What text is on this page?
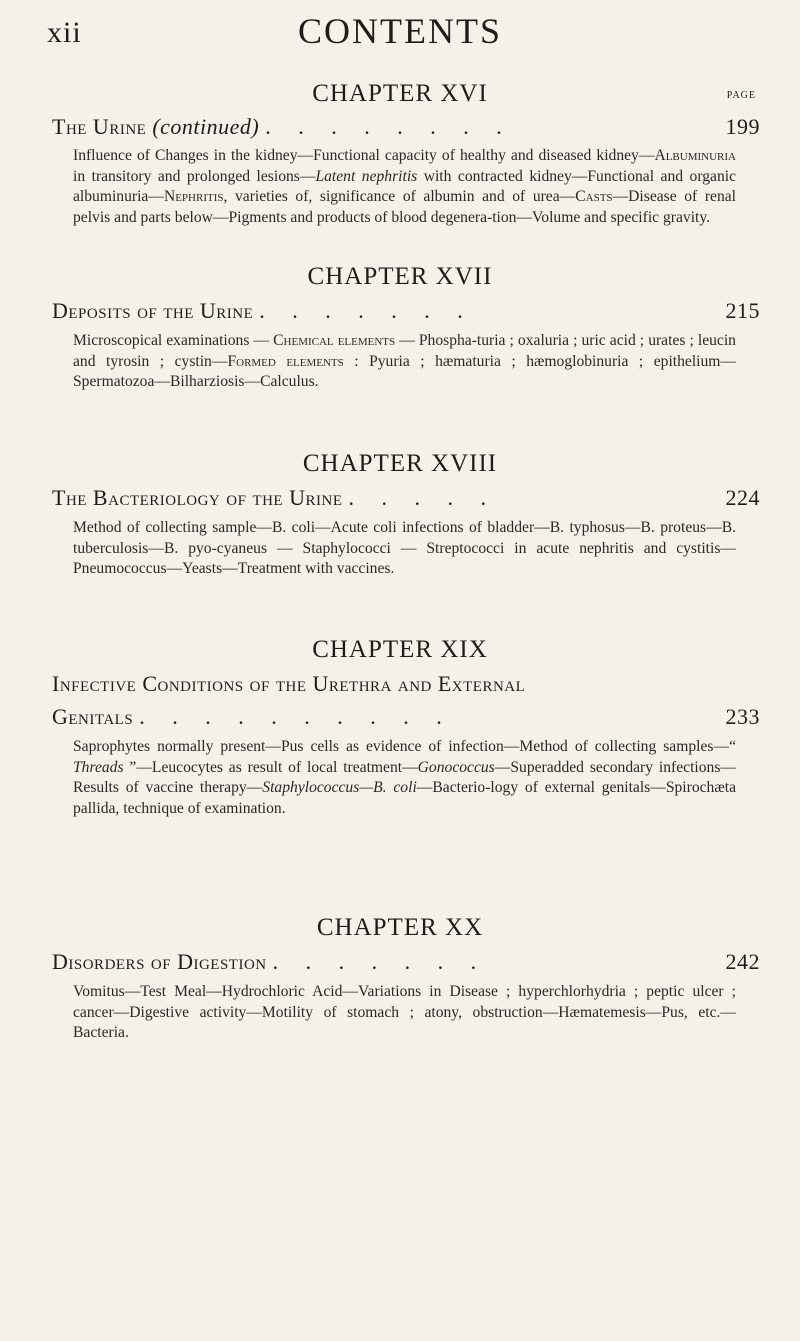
xii	CONTENTS
CHAPTER XVI	PAGE
The Urine (continued) . . . . . . . .	199
Influence of Changes in the kidney—Functional capacity of healthy and diseased kidney—Albuminuria in transitory and prolonged lesions—Latent nephritis with contracted kidney—Functional and organic albuminuria—Nephritis, varieties of, significance of albumin and of urea—Casts—Disease of renal pelvis and parts below—Pigments and products of blood degenera-tion—Volume and specific gravity.
CHAPTER XVII
Deposits of the Urine . . . . . . .	215
Microscopical examinations — Chemical elements — Phospha-turia ; oxaluria ; uric acid ; urates ; leucin and tyrosin ; cystin—Formed elements : Pyuria ; hæmaturia ; hæmoglobinuria ; epithelium—Spermatozoa—Bilharziosis—Calculus.
CHAPTER XVIII
The Bacteriology of the Urine . . . . .	224
Method of collecting sample—B. coli—Acute coli infections of bladder—B. typhosus—B. proteus—B. tuberculosis—B. pyo-cyaneus — Staphylococci — Streptococci in acute nephritis and cystitis—Pneumococcus—Yeasts—Treatment with vaccines.
CHAPTER XIX
Infective Conditions of the Urethra and External
Genitals . . . . . . . . . .	233
Saprophytes normally present—Pus cells as evidence of infection—Method of collecting samples—“ Threads ”—Leucocytes as result of local treatment—Gonococcus—Superadded secondary infections—Results of vaccine therapy—Staphylococcus—B. coli—Bacterio-logy of external genitals—Spirochæta pallida, technique of examination.
CHAPTER XX
Disorders of Digestion . . . . . . .	242
Vomitus—Test Meal—Hydrochloric Acid—Variations in Disease ; hyperchlorhydria ; peptic ulcer ; cancer—Digestive activity—Motility of stomach ; atony, obstruction—Hæmatemesis—Pus, etc.—Bacteria.
